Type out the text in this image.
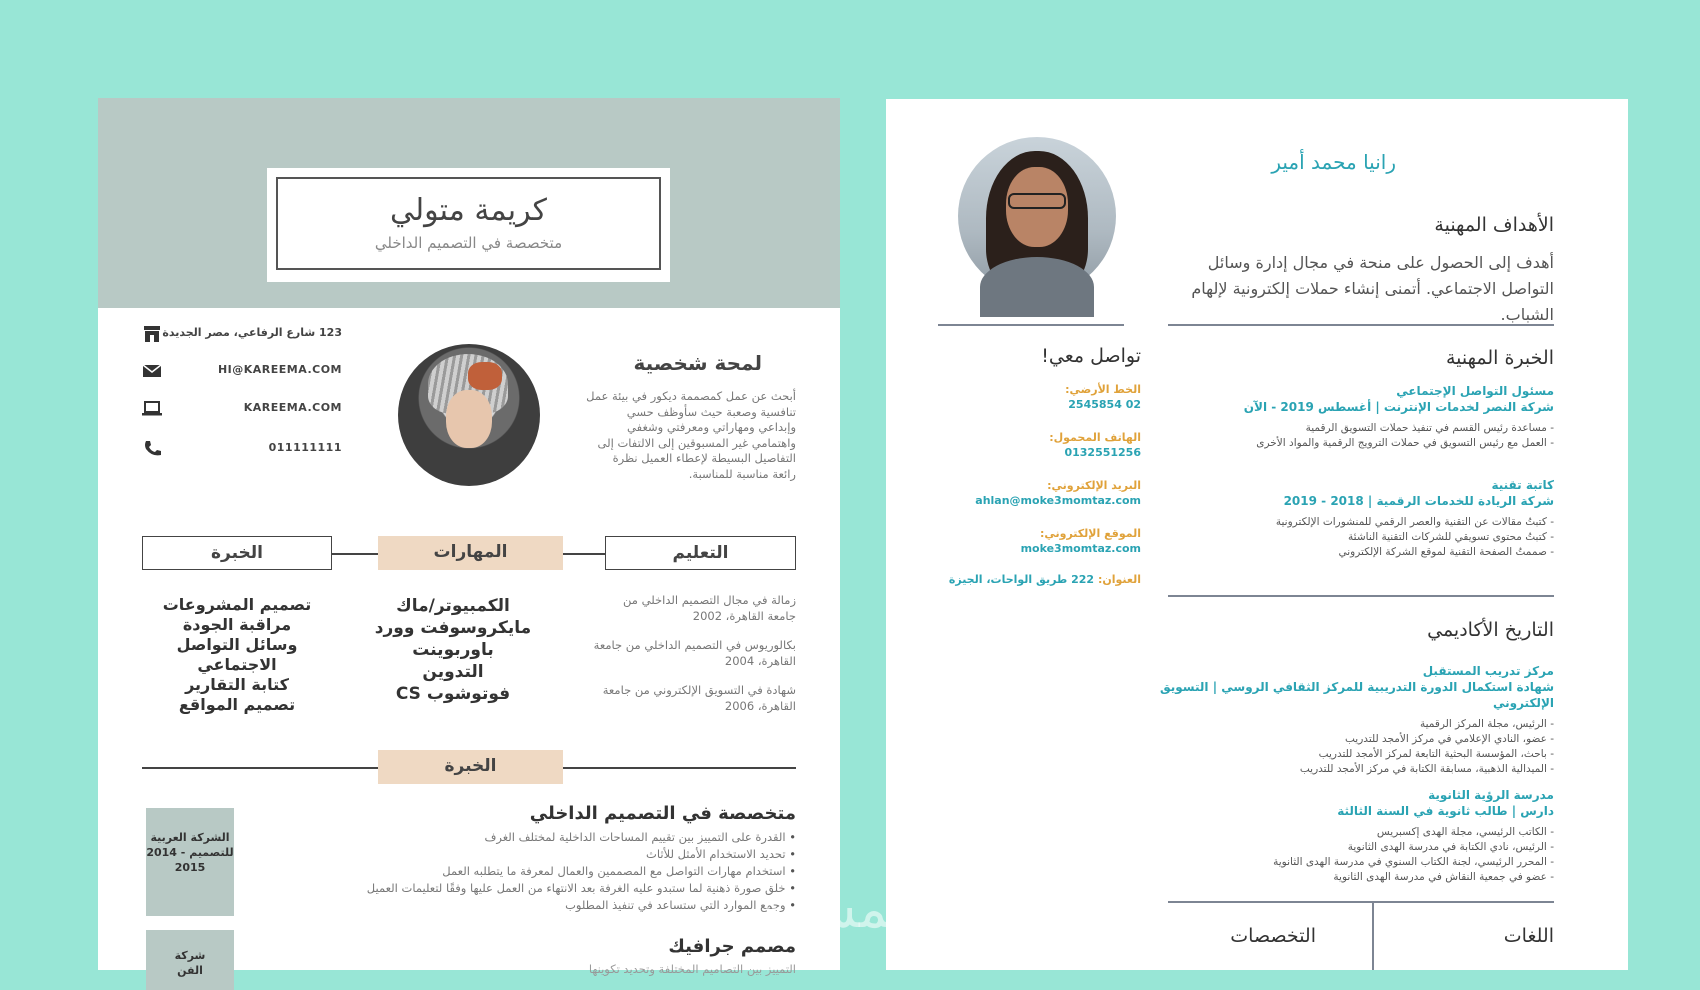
كريمة متولي
متخصصة في التصميم الداخلي
123 شارع الرفاعي، مصر الجديدة
HI@KAREEMA.COM
KAREEMA.COM
011111111
لمحة شخصية
أبحث عن عمل كمصممة ديكور في بيئة عمل تنافسية وصعبة حيث سأوظف حسي وإبداعي ومهاراتي ومعرفتي وشغفي واهتمامي غير المسبوقين إلى الالتفات إلى التفاصيل البسيطة لإعطاء العميل نظرة رائعة مناسبة للمناسبة.
الخبرة	المهارات	التعليم
تصميم المشروعات
مراقبة الجودة
وسائل التواصل
الاجتماعي
كتابة التقارير
تصميم المواقع
الكمبيوتر/ماك
مايكروسوفت وورد
باوربوينت
التدوين
فوتوشوب CS
زمالة في مجال التصميم الداخلي من جامعة القاهرة، 2002
بكالوريوس في التصميم الداخلي من جامعة القاهرة، 2004
شهادة في التسويق الإلكتروني من جامعة القاهرة، 2006
الخبرة
الشركة العربية للتصميم - 2014 2015
متخصصة في التصميم الداخلي
• القدرة على التمييز بين تقييم المساحات الداخلية لمختلف الغرف
• تحديد الاستخدام الأمثل للأثاث
• استخدام مهارات التواصل مع المصممين والعمال لمعرفة ما يتطلبه العمل
• خلق صورة ذهنية لما ستبدو عليه الغرفة بعد الانتهاء من العمل عليها وفقًا لتعليمات العميل
• وجمع الموارد التي ستساعد في تنفيذ المطلوب
شركة
الفن
مصمم جرافيك
التمييز بين التصاميم المختلفة وتحديد تكوينها
رانيا محمد أمير
الأهداف المهنية
أهدف إلى الحصول على منحة في مجال إدارة وسائل التواصل الاجتماعي. أتمنى إنشاء حملات إلكترونية لإلهام الشباب.
تواصل معي!
الخط الأرضي:
02 2545854
الهاتف المحمول:
0132551256
البريد الإلكتروني:
ahlan@moke3momtaz.com
الموقع الإلكتروني:
moke3momtaz.com
العنوان: 222 طريق الواحات، الجيزة
الخبرة المهنية
مسئول التواصل الإجتماعي
شركة النصر لخدمات الإنترنت | أغسطس 2019 - الآن
- مساعدة رئيس القسم في تنفيذ حملات التسويق الرقمية
- العمل مع رئيس التسويق في حملات الترويج الرقمية والمواد الأخرى
كاتبة تقنية
شركة الريادة للخدمات الرقمية | 2018 - 2019
- كتبتُ مقالات عن التقنية والعصر الرقمي للمنشورات الإلكترونية
- كتبتُ محتوى تسويقي للشركات التقنية الناشئة
- صممتُ الصفحة التقنية لموقع الشركة الإلكتروني
التاريخ الأكاديمي
مركز تدريب المستقبل
شهادة استكمال الدورة التدريبية للمركز الثقافي الروسي | التسويق الإلكتروني
- الرئيس، مجلة المركز الرقمية
- عضو، النادي الإعلامي في مركز الأمجد للتدريب
- باحث، المؤسسة البحثية التابعة لمركز الأمجد للتدريب
- الميدالية الذهبية، مسابقة الكتابة في مركز الأمجد للتدريب
مدرسة الرؤية الثانوية
دارس | طالب ثانوية في السنة الثالثة
- الكاتب الرئيسي، مجلة الهدى إكسبريس
- الرئيس، نادي الكتابة في مدرسة الهدى الثانوية
- المحرر الرئيسي، لجنة الكتاب السنوي في مدرسة الهدى الثانوية
- عضو في جمعية النقاش في مدرسة الهدى الثانوية
اللغات
التخصصات
خمسات
